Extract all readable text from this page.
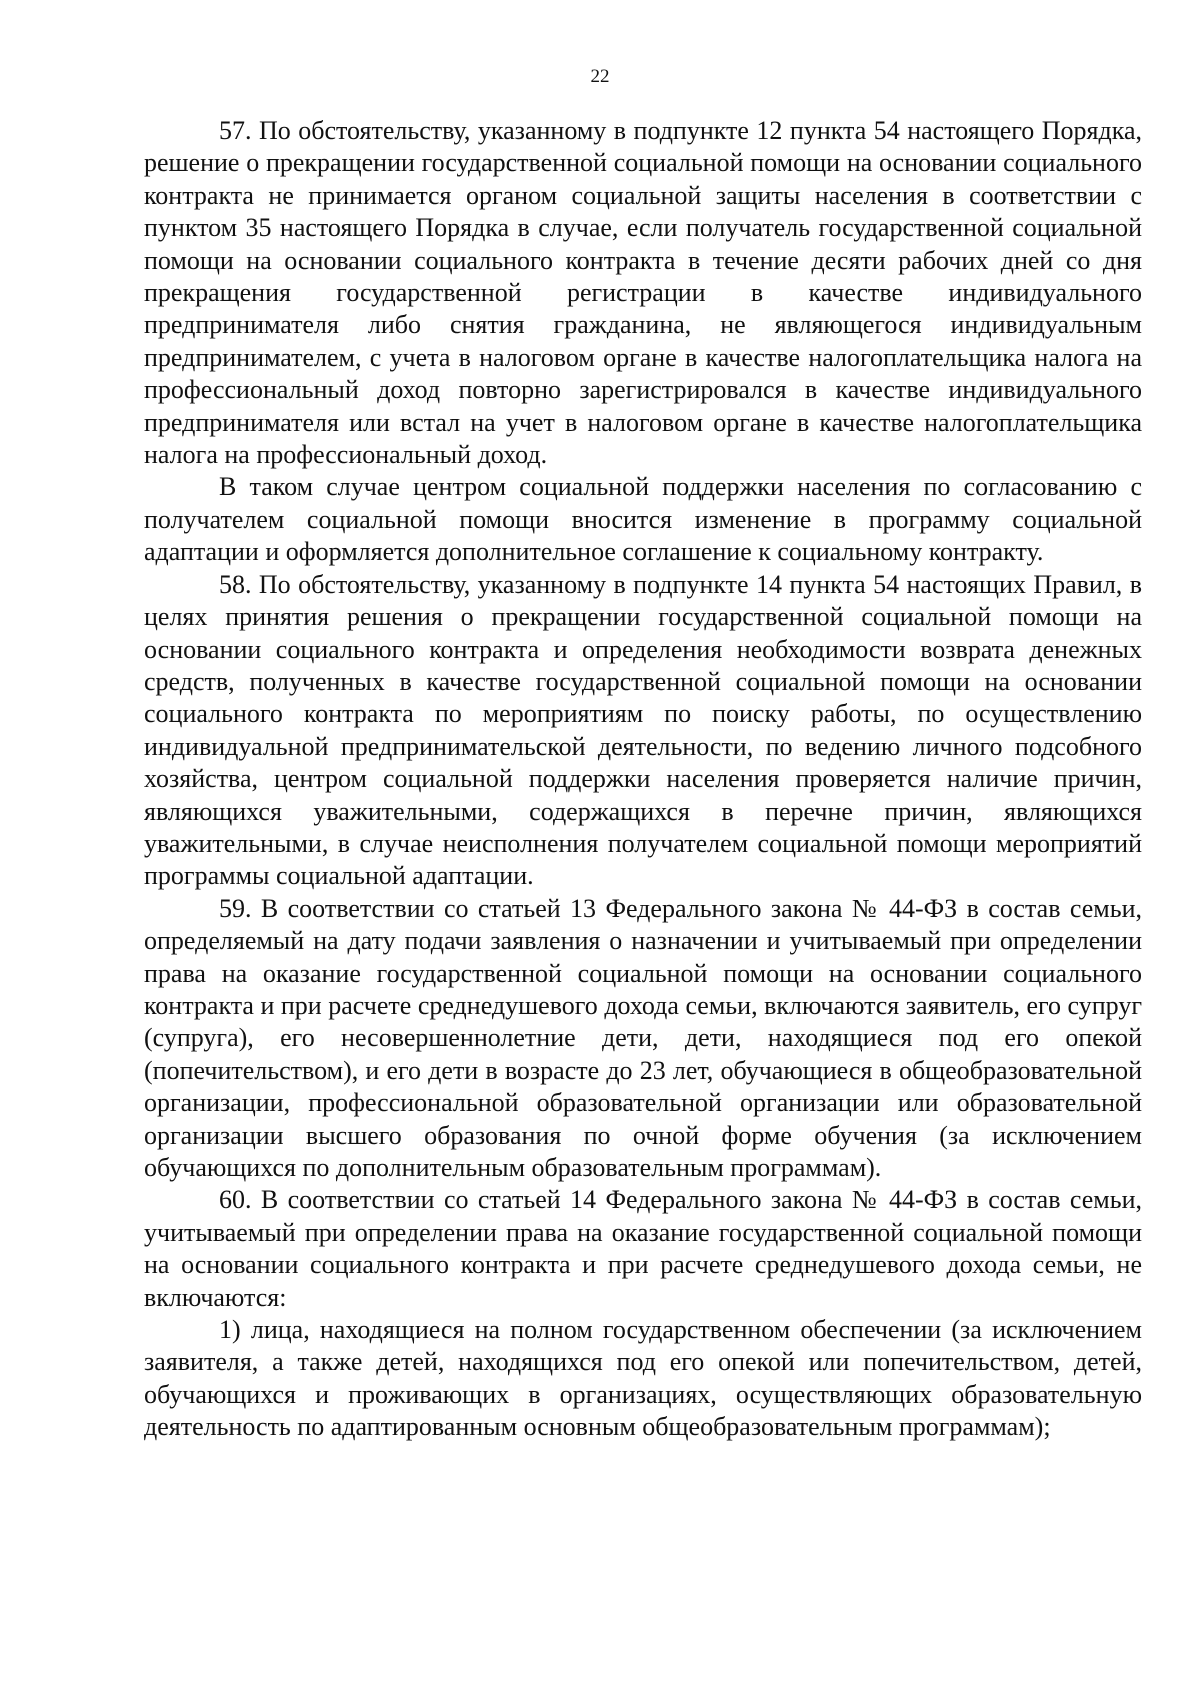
22

57. По обстоятельству, указанному в подпункте 12 пункта 54 настоящего Порядка, решение о прекращении государственной социальной помощи на основании социального контракта не принимается органом социальной защиты населения в соответствии с пунктом 35 настоящего Порядка в случае, если получатель государственной социальной помощи на основании социального контракта в течение десяти рабочих дней со дня прекращения государственной регистрации в качестве индивидуального предпринимателя либо снятия гражданина, не являющегося индивидуальным предпринимателем, с учета в налоговом органе в качестве налогоплательщика налога на профессиональный доход повторно зарегистрировался в качестве индивидуального предпринимателя или встал на учет в налоговом органе в качестве налогоплательщика налога на профессиональный доход.

В таком случае центром социальной поддержки населения по согласованию с получателем социальной помощи вносится изменение в программу социальной адаптации и оформляется дополнительное соглашение к социальному контракту.

58. По обстоятельству, указанному в подпункте 14 пункта 54 настоящих Правил, в целях принятия решения о прекращении государственной социальной помощи на основании социального контракта и определения необходимости возврата денежных средств, полученных в качестве государственной социальной помощи на основании социального контракта по мероприятиям по поиску работы, по осуществлению индивидуальной предпринимательской деятельности, по ведению личного подсобного хозяйства, центром социальной поддержки населения проверяется наличие причин, являющихся уважительными, содержащихся в перечне причин, являющихся уважительными, в случае неисполнения получателем социальной помощи мероприятий программы социальной адаптации.

59. В соответствии со статьей 13 Федерального закона № 44-ФЗ в состав семьи, определяемый на дату подачи заявления о назначении и учитываемый при определении права на оказание государственной социальной помощи на основании социального контракта и при расчете среднедушевого дохода семьи, включаются заявитель, его супруг (супруга), его несовершеннолетние дети, дети, находящиеся под его опекой (попечительством), и его дети в возрасте до 23 лет, обучающиеся в общеобразовательной организации, профессиональной образовательной организации или образовательной организации высшего образования по очной форме обучения (за исключением обучающихся по дополнительным образовательным программам).

60. В соответствии со статьей 14 Федерального закона № 44-ФЗ в состав семьи, учитываемый при определении права на оказание государственной социальной помощи на основании социального контракта и при расчете среднедушевого дохода семьи, не включаются:

1) лица, находящиеся на полном государственном обеспечении (за исключением заявителя, а также детей, находящихся под его опекой или попечительством, детей, обучающихся и проживающих в организациях, осуществляющих образовательную деятельность по адаптированным основным общеобразовательным программам);
